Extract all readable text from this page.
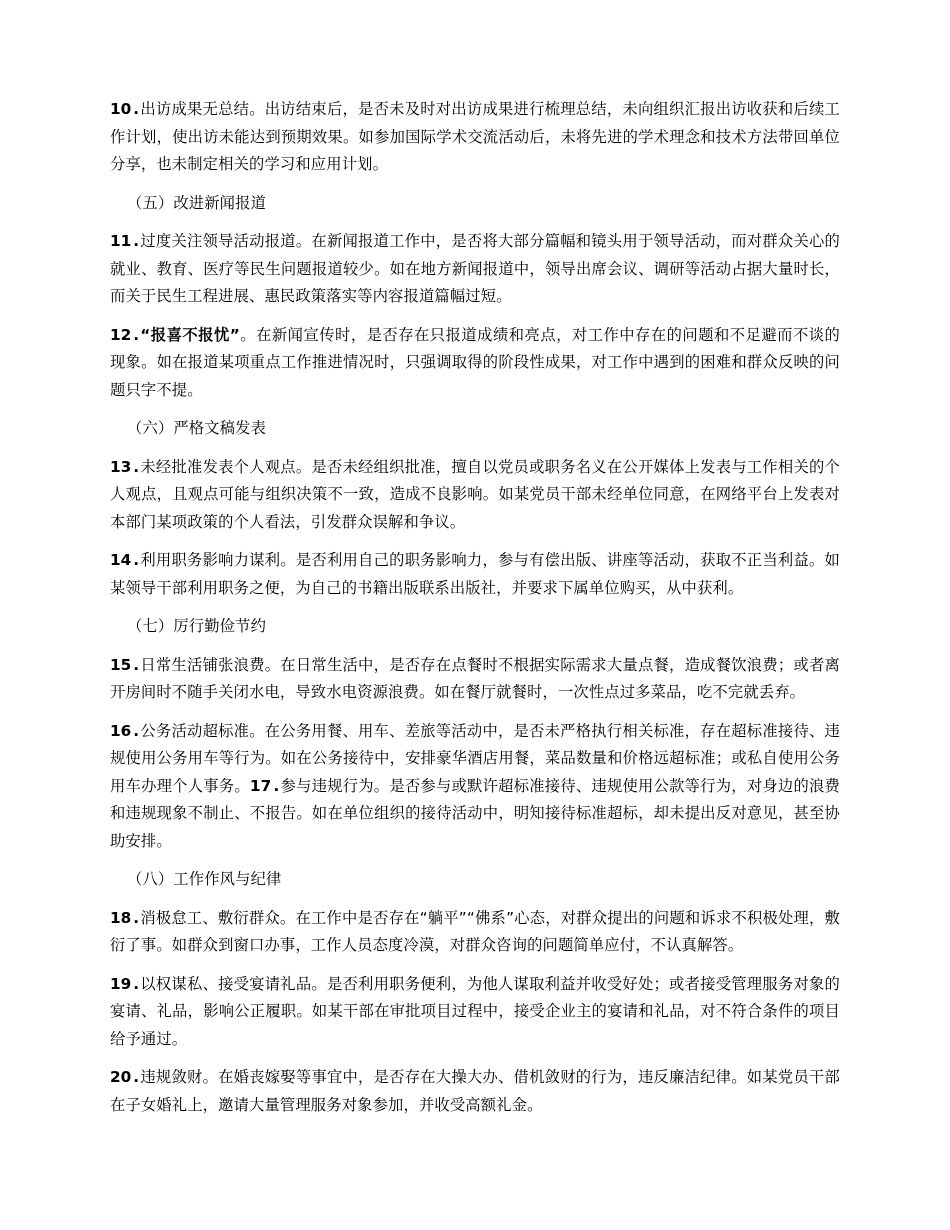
10 .出访成果无总结。出访结束后，是否未及时对出访成果进行梳理总结，未向组织汇报出访收获和后续工作计划，使出访未能达到预期效果。如参加国际学术交流活动后，未将先进的学术理念和技术方法带回单位分享，也未制定相关的学习和应用计划。

（五）改进新闻报道

11 .过度关注领导活动报道。在新闻报道工作中，是否将大部分篇幅和镜头用于领导活动，而对群众关心的就业、教育、医疗等民生问题报道较少。如在地方新闻报道中，领导出席会议、调研等活动占据大量时长，而关于民生工程进展、惠民政策落实等内容报道篇幅过短。

12 .“报喜不报忧”。在新闻宣传时，是否存在只报道成绩和亮点，对工作中存在的问题和不足避而不谈的现象。如在报道某项重点工作推进情况时，只强调取得的阶段性成果，对工作中遇到的困难和群众反映的问题只字不提。

（六）严格文稿发表

13 .未经批准发表个人观点。是否未经组织批准，擅自以党员或职务名义在公开媒体上发表与工作相关的个人观点，且观点可能与组织决策不一致，造成不良影响。如某党员干部未经单位同意，在网络平台上发表对本部门某项政策的个人看法，引发群众误解和争议。

14 .利用职务影响力谋利。是否利用自己的职务影响力，参与有偿出版、讲座等活动，获取不正当利益。如某领导干部利用职务之便，为自己的书籍出版联系出版社，并要求下属单位购买，从中获利。

（七）厉行勤俭节约

15 .日常生活铺张浪费。在日常生活中，是否存在点餐时不根据实际需求大量点餐，造成餐饮浪费；或者离开房间时不随手关闭水电，导致水电资源浪费。如在餐厅就餐时，一次性点过多菜品，吃不完就丢弃。

16 .公务活动超标准。在公务用餐、用车、差旅等活动中，是否未严格执行相关标准，存在超标准接待、违规使用公务用车等行为。如在公务接待中，安排豪华酒店用餐，菜品数量和价格远超标准；或私自使用公务用车办理个人事务。17 .参与违规行为。是否参与或默许超标准接待、违规使用公款等行为，对身边的浪费和违规现象不制止、不报告。如在单位组织的接待活动中，明知接待标准超标，却未提出反对意见，甚至协助安排。

（八）工作作风与纪律

18 .消极怠工、敷衍群众。在工作中是否存在“躺平”“佛系”心态，对群众提出的问题和诉求不积极处理，敷衍了事。如群众到窗口办事，工作人员态度冷漠，对群众咨询的问题简单应付，不认真解答。

19 .以权谋私、接受宴请礼品。是否利用职务便利，为他人谋取利益并收受好处；或者接受管理服务对象的宴请、礼品，影响公正履职。如某干部在审批项目过程中，接受企业主的宴请和礼品，对不符合条件的项目给予通过。

20 .违规敛财。在婚丧嫁娶等事宜中，是否存在大操大办、借机敛财的行为，违反廉洁纪律。如某党员干部在子女婚礼上，邀请大量管理服务对象参加，并收受高额礼金。
